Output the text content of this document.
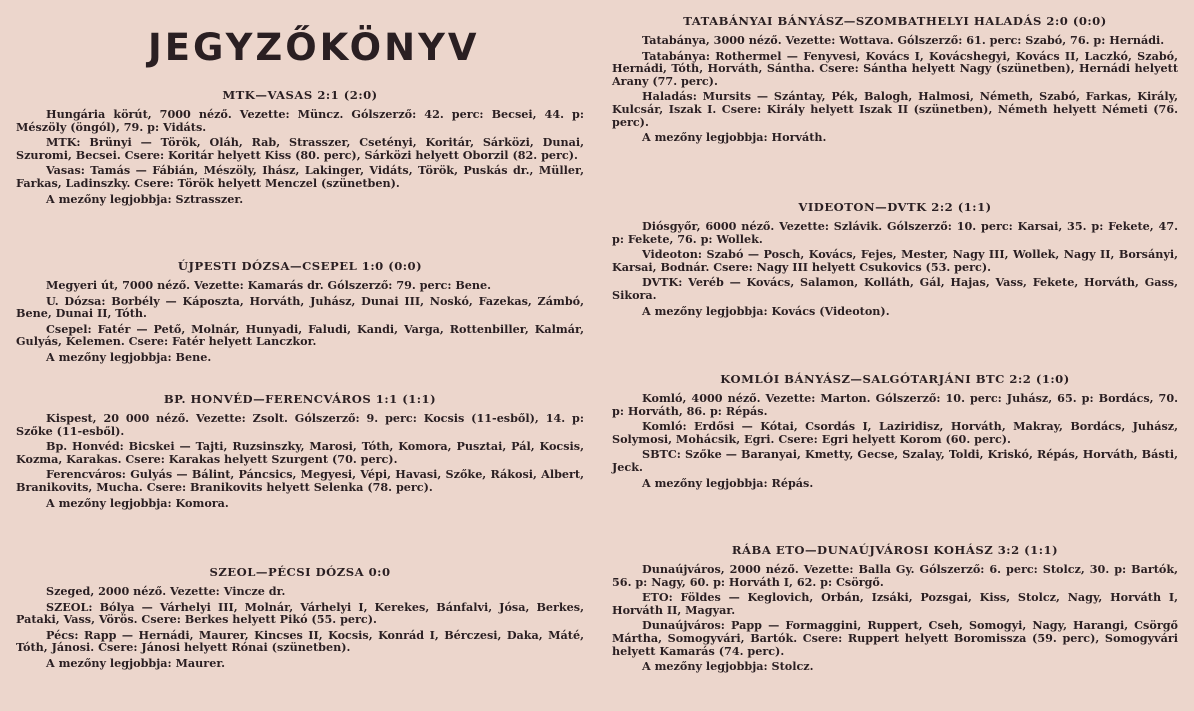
JEGYZŐKÖNYV
MTK—VASAS 2:1 (2:0)

Hungária körút, 7000 néző. Vezette: Müncz. Gólszerző: 42. perc: Becsei, 44. p: Mészöly (öngól), 79. p: Vidáts.

MTK: Brünyi — Török, Oláh, Rab, Strasszer, Csetényi, Koritár, Sárközi, Dunai, Szuromi, Becsei. Csere: Koritár helyett Kiss (80. perc), Sárközi helyett Oborzil (82. perc).

Vasas: Tamás — Fábián, Mészöly, Ihász, Lakinger, Vidáts, Török, Puskás dr., Müller, Farkas, Ladinszky. Csere: Török helyett Menczel (szünetben).

A mezőny legjobbja: Sztrasszer.
ÚJPESTI DÓZSA—CSEPEL 1:0 (0:0)

Megyeri út, 7000 néző. Vezette: Kamarás dr. Gólszerző: 79. perc: Bene.

U. Dózsa: Borbély — Káposzta, Horváth, Juhász, Dunai III, Noskó, Fazekas, Zámbó, Bene, Dunai II, Tóth.

Csepel: Fatér — Pető, Molnár, Hunyadi, Faludi, Kandi, Varga, Rottenbiller, Kalmár, Gulyás, Kelemen. Csere: Fatér helyett Lanczkor.

A mezőny legjobbja: Bene.
BP. HONVÉD—FERENCVÁROS 1:1 (1:1)

Kispest, 20 000 néző. Vezette: Zsolt. Gólszerző: 9. perc: Kocsis (11-esből), 14. p: Szőke (11-esből).

Bp. Honvéd: Bicskei — Tajti, Ruzsinszky, Marosi, Tóth, Komora, Pusztai, Pál, Kocsis, Kozma, Karakas. Csere: Karakas helyett Szurgent (70. perc).

Ferencváros: Gulyás — Bálint, Páncsics, Megyesi, Vépi, Havasi, Szőke, Rákosi, Albert, Branikovits, Mucha. Csere: Branikovits helyett Selenka (78. perc).

A mezőny legjobbja: Komora.
SZEOL—PÉCSI DÓZSA 0:0

Szeged, 2000 néző. Vezette: Vincze dr.

SZEOL: Bólya — Várhelyi III, Molnár, Várhelyi I, Kerekes, Bánfalvi, Jósa, Berkes, Pataki, Vass, Vörös. Csere: Berkes helyett Pikó (55. perc).

Pécs: Rapp — Hernádi, Maurer, Kincses II, Kocsis, Konrád I, Bérczesi, Daka, Máté, Tóth, Jánosi. Csere: Jánosi helyett Rónai (szünetben).

A mezőny legjobbja: Maurer.
TATABÁNYAI BÁNYÁSZ—SZOMBATHELYI HALADÁS 2:0 (0:0)

Tatabánya, 3000 néző. Vezette: Wottava. Gólszerző: 61. perc: Szabó, 76. p: Hernádi.

Tatabánya: Rothermel — Fenyvesi, Kovács I, Kovácshegyi, Kovács II, Laczkó, Szabó, Hernádi, Tóth, Horváth, Sántha. Csere: Sántha helyett Nagy (szünetben), Hernádi helyett Arany (77. perc).

Haladás: Mursits — Szántay, Pék, Balogh, Halmosi, Németh, Szabó, Farkas, Király, Kulcsár, Iszak I. Csere: Király helyett Iszak II (szünetben), Németh helyett Németi (76. perc).

A mezőny legjobbja: Horváth.
VIDEOTON—DVTK 2:2 (1:1)

Diósgyőr, 6000 néző. Vezette: Szlávik. Gólszerző: 10. perc: Karsai, 35. p: Fekete, 47. p: Fekete, 76. p: Wollek.

Videoton: Szabó — Posch, Kovács, Fejes, Mester, Nagy III, Wollek, Nagy II, Borsányi, Karsai, Bodnár. Csere: Nagy III helyett Csukovics (53. perc).

DVTK: Veréb — Kovács, Salamon, Kolláth, Gál, Hajas, Vass, Fekete, Horváth, Gass, Sikora.

A mezőny legjobbja: Kovács (Videoton).
KOMLÓI BÁNYÁSZ—SALGÓTARJÁNI BTC 2:2 (1:0)

Komló, 4000 néző. Vezette: Marton. Gólszerző: 10. perc: Juhász, 65. p: Bordács, 70. p: Horváth, 86. p: Répás.

Komló: Erdősi — Kótai, Csordás I, Laziridisz, Horváth, Makray, Bordács, Juhász, Solymosi, Mohácsik, Egri. Csere: Egri helyett Korom (60. perc).

SBTC: Szőke — Baranyai, Kmetty, Gecse, Szalay, Toldi, Kriskó, Répás, Horváth, Básti, Jeck.

A mezőny legjobbja: Répás.
RÁBA ETO—DUNAÚJVÁROSI KOHÁSZ 3:2 (1:1)

Dunaújváros, 2000 néző. Vezette: Balla Gy. Gólszerző: 6. perc: Stolcz, 30. p: Bartók, 56. p: Nagy, 60. p: Horváth I, 62. p: Csörgő.

ETO: Földes — Keglovich, Orbán, Izsáki, Pozsgai, Kiss, Stolcz, Nagy, Horváth I, Horváth II, Magyar.

Dunaújváros: Papp — Formaggini, Ruppert, Cseh, Somogyi, Nagy, Harangi, Csörgő Mártha, Somogyvári, Bartók. Csere: Ruppert helyett Boromissza (59. perc), Somogyvári helyett Kamarás (74. perc).

A mezőny legjobbja: Stolcz.
